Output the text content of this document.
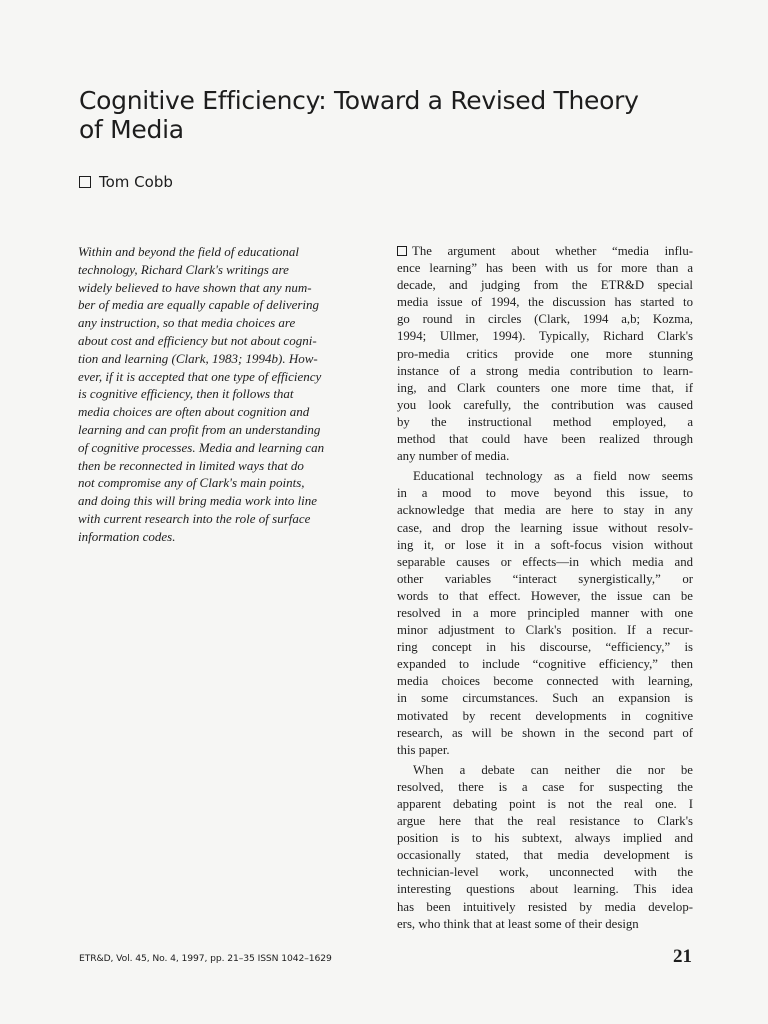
Cognitive Efficiency: Toward a Revised Theory
of Media
Tom Cobb
Within and beyond the field of educational
technology, Richard Clark's writings are
widely believed to have shown that any num-
ber of media are equally capable of delivering
any instruction, so that media choices are
about cost and efficiency but not about cogni-
tion and learning (Clark, 1983; 1994b). How-
ever, if it is accepted that one type of efficiency
is cognitive efficiency, then it follows that
media choices are often about cognition and
learning and can profit from an understanding
of cognitive processes. Media and learning can
then be reconnected in limited ways that do
not compromise any of Clark's main points,
and doing this will bring media work into line
with current research into the role of surface
information codes.

The argument about whether “media influ-
ence learning” has been with us for more than a
decade, and judging from the ETR&D special
media issue of 1994, the discussion has started to
go round in circles (Clark, 1994 a,b; Kozma,
1994; Ullmer, 1994). Typically, Richard Clark's
pro-media critics provide one more stunning
instance of a strong media contribution to learn-
ing, and Clark counters one more time that, if
you look carefully, the contribution was caused
by the instructional method employed, a
method that could have been realized through
any number of media.

Educational technology as a field now seems
in a mood to move beyond this issue, to
acknowledge that media are here to stay in any
case, and drop the learning issue without resolv-
ing it, or lose it in a soft-focus vision without
separable causes or effects—in which media and
other variables “interact synergistically,” or
words to that effect. However, the issue can be
resolved in a more principled manner with one
minor adjustment to Clark's position. If a recur-
ring concept in his discourse, “efficiency,” is
expanded to include “cognitive efficiency,” then
media choices become connected with learning,
in some circumstances. Such an expansion is
motivated by recent developments in cognitive
research, as will be shown in the second part of
this paper.

When a debate can neither die nor be
resolved, there is a case for suspecting the
apparent debating point is not the real one. I
argue here that the real resistance to Clark's
position is to his subtext, always implied and
occasionally stated, that media development is
technician-level work, unconnected with the
interesting questions about learning. This idea
has been intuitively resisted by media develop-
ers, who think that at least some of their design

ETR&D, Vol. 45, No. 4, 1997, pp. 21–35 ISSN 1042–1629	21
